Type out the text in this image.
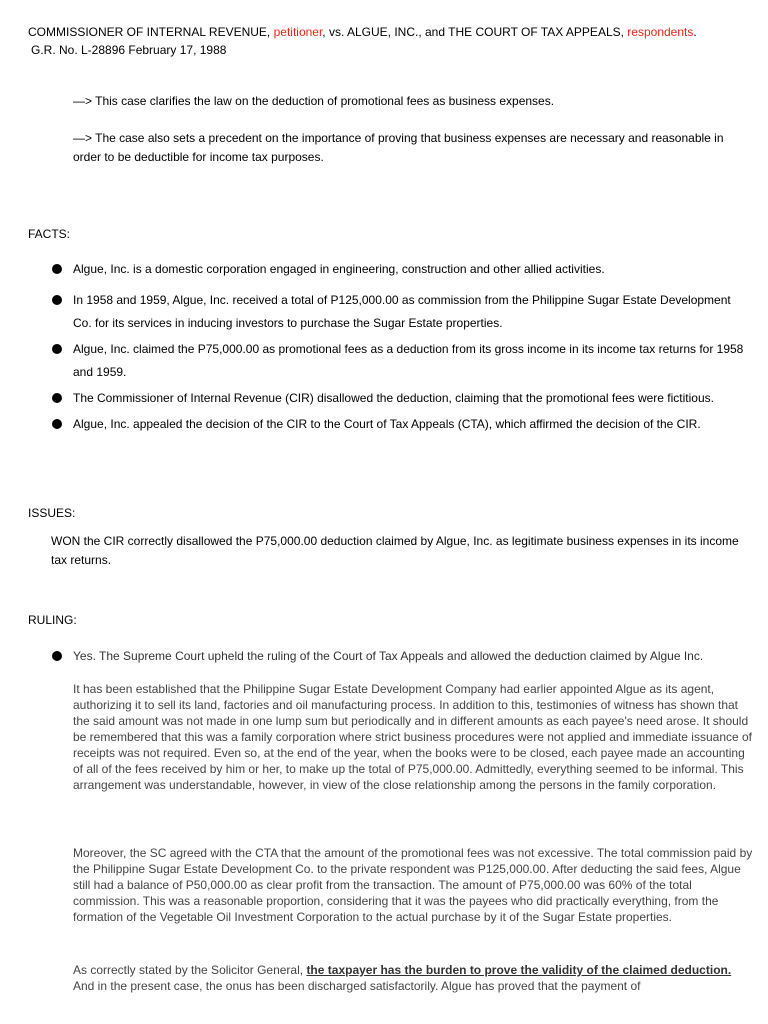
COMMISSIONER OF INTERNAL REVENUE, petitioner, vs. ALGUE, INC., and THE COURT OF TAX APPEALS, respondents.
G.R. No. L-28896 February 17, 1988
—> This case clarifies the law on the deduction of promotional fees as business expenses.
—> The case also sets a precedent on the importance of proving that business expenses are necessary and reasonable in order to be deductible for income tax purposes.
FACTS:
Algue, Inc. is a domestic corporation engaged in engineering, construction and other allied activities.
In 1958 and 1959, Algue, Inc. received a total of P125,000.00 as commission from the Philippine Sugar Estate Development Co. for its services in inducing investors to purchase the Sugar Estate properties.
Algue, Inc. claimed the P75,000.00 as promotional fees as a deduction from its gross income in its income tax returns for 1958 and 1959.
The Commissioner of Internal Revenue (CIR) disallowed the deduction, claiming that the promotional fees were fictitious.
Algue, Inc. appealed the decision of the CIR to the Court of Tax Appeals (CTA), which affirmed the decision of the CIR.
ISSUES:
WON the CIR correctly disallowed the P75,000.00 deduction claimed by Algue, Inc. as legitimate business expenses in its income tax returns.
RULING:
Yes. The Supreme Court upheld the ruling of the Court of Tax Appeals and allowed the deduction claimed by Algue Inc.
It has been established that the Philippine Sugar Estate Development Company had earlier appointed Algue as its agent, authorizing it to sell its land, factories and oil manufacturing process. In addition to this, testimonies of witness has shown that the said amount was not made in one lump sum but periodically and in different amounts as each payee's need arose. It should be remembered that this was a family corporation where strict business procedures were not applied and immediate issuance of receipts was not required. Even so, at the end of the year, when the books were to be closed, each payee made an accounting of all of the fees received by him or her, to make up the total of P75,000.00. Admittedly, everything seemed to be informal. This arrangement was understandable, however, in view of the close relationship among the persons in the family corporation.
Moreover, the SC agreed with the CTA that the amount of the promotional fees was not excessive. The total commission paid by the Philippine Sugar Estate Development Co. to the private respondent was P125,000.00. After deducting the said fees, Algue still had a balance of P50,000.00 as clear profit from the transaction. The amount of P75,000.00 was 60% of the total commission. This was a reasonable proportion, considering that it was the payees who did practically everything, from the formation of the Vegetable Oil Investment Corporation to the actual purchase by it of the Sugar Estate properties.
As correctly stated by the Solicitor General, the taxpayer has the burden to prove the validity of the claimed deduction. And in the present case, the onus has been discharged satisfactorily. Algue has proved that the payment of
